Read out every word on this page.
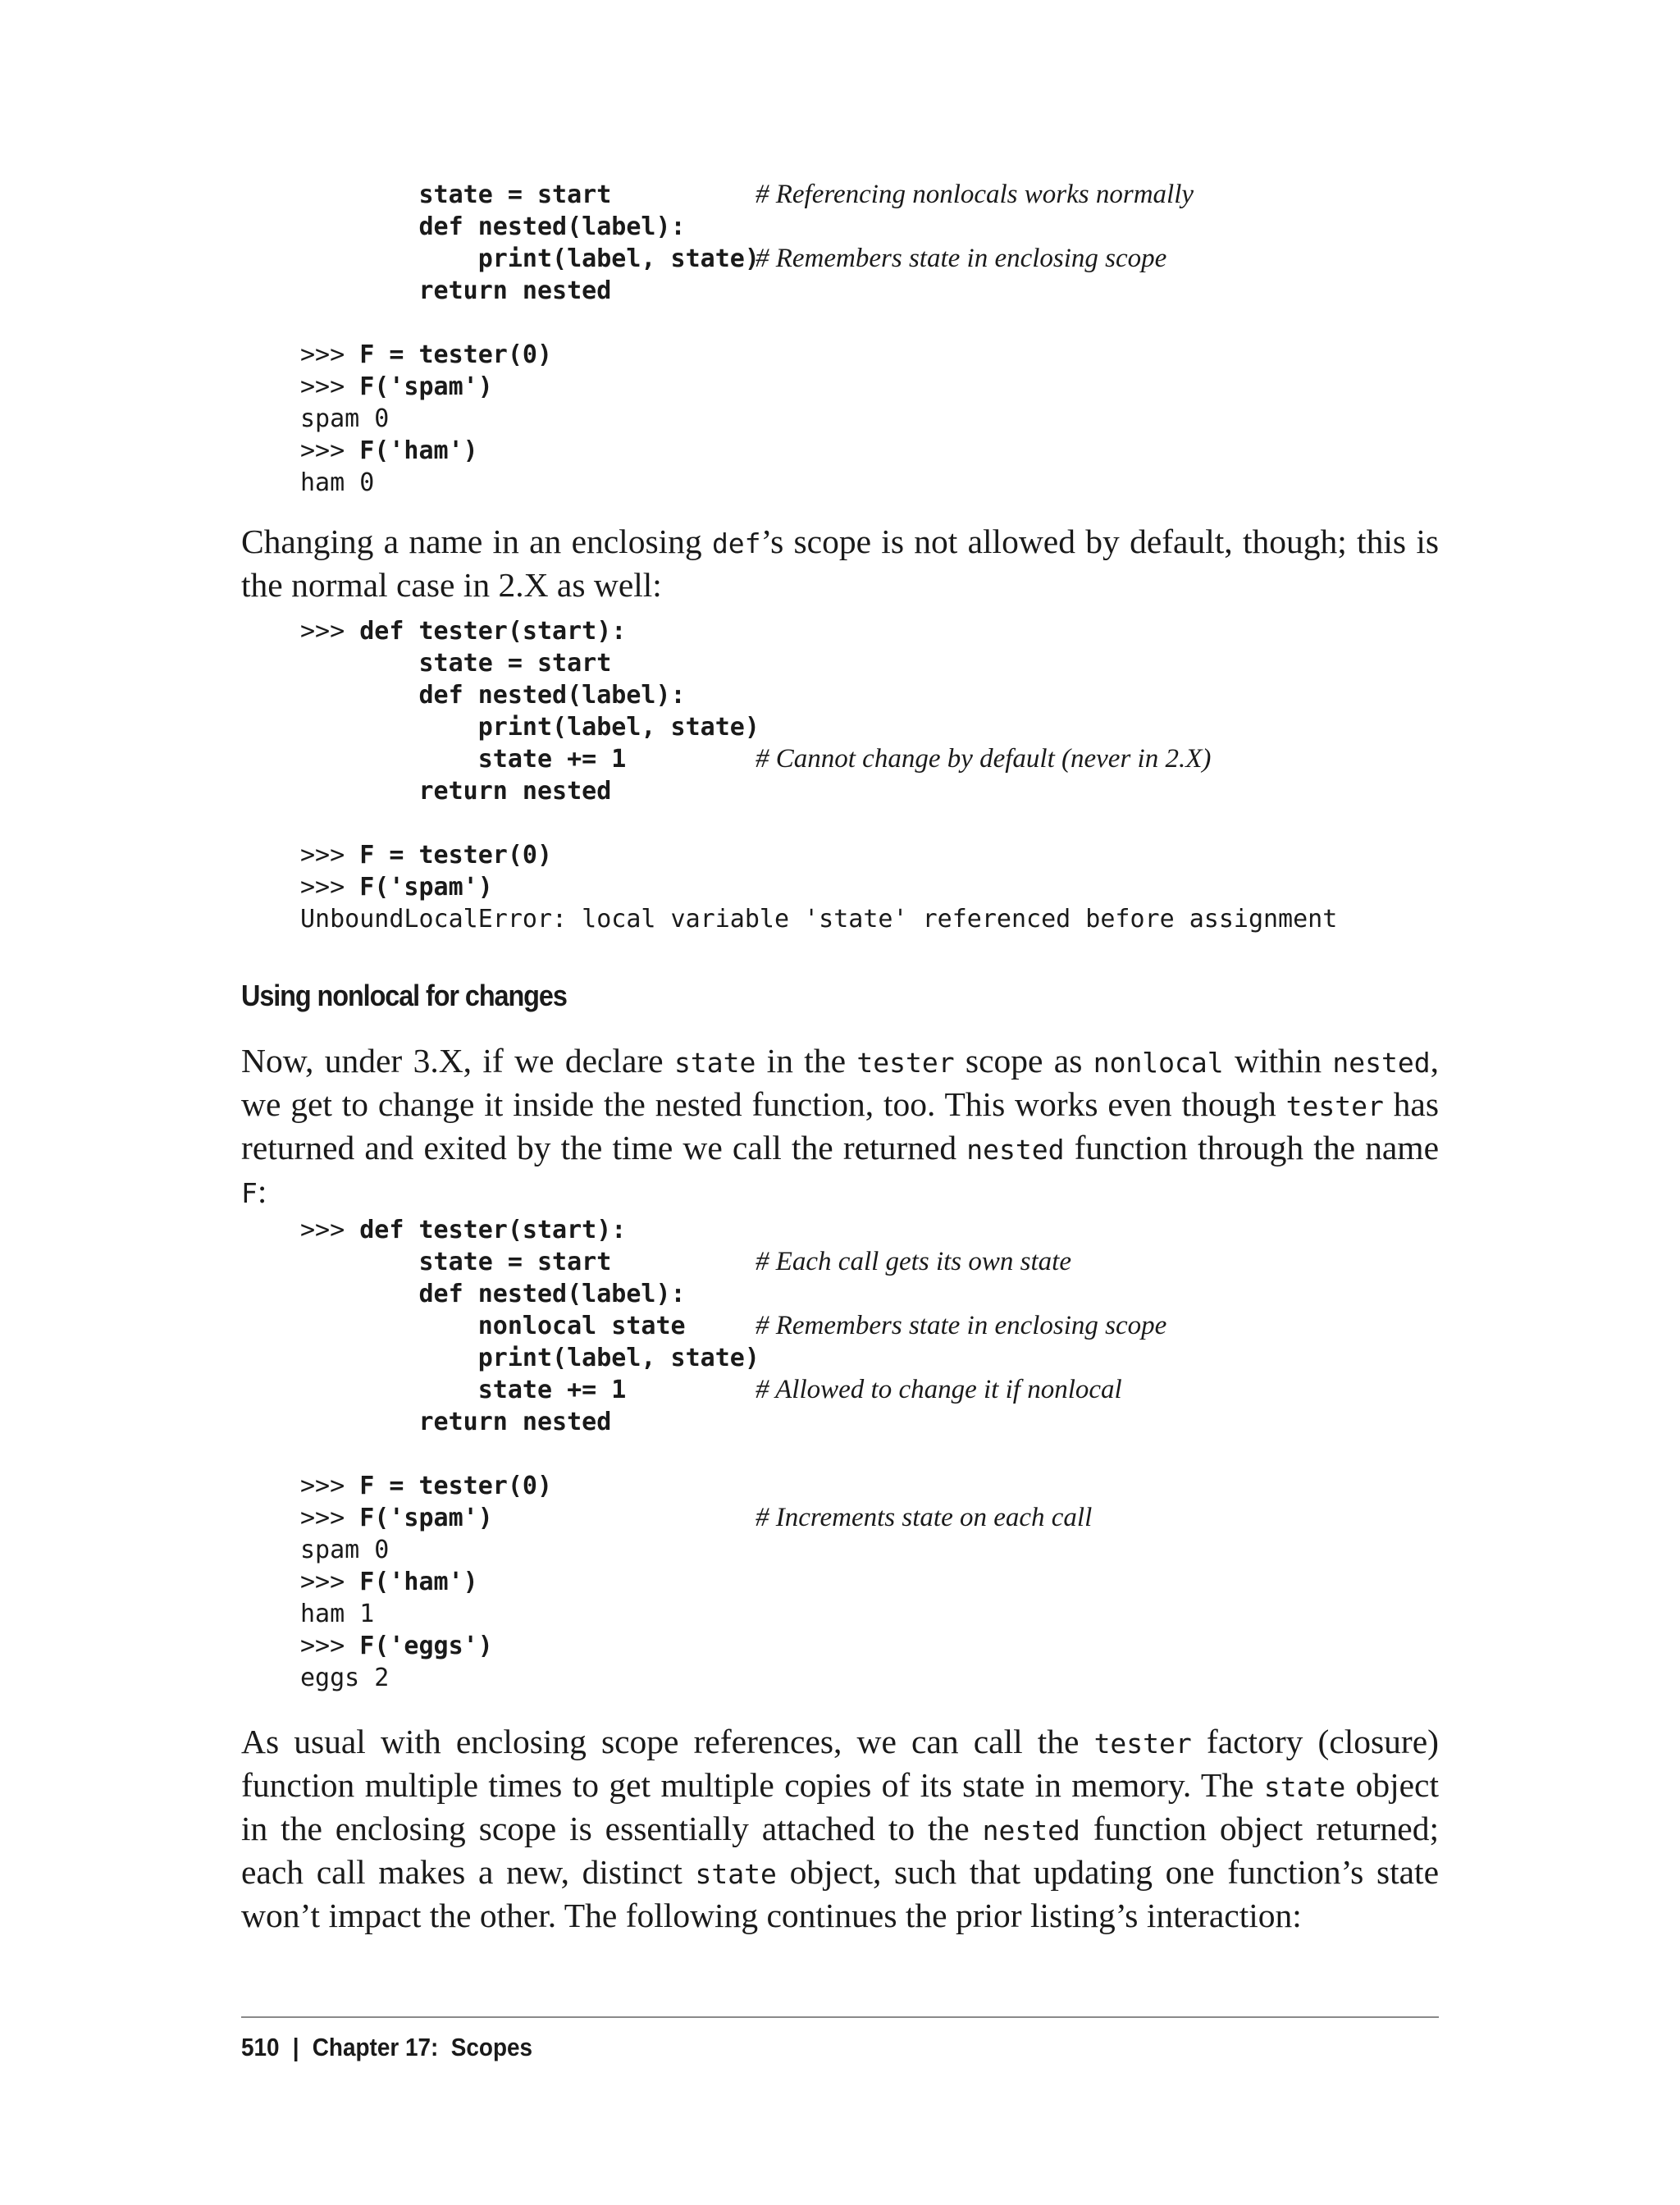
state = start	# Referencing nonlocals works normally
def nested(label):
print(label, state)
# Remembers state in enclosing scope
return nested
>>> F = tester(0)
>>> F('spam')
spam 0
>>> F('ham')
ham 0

Changing a name in an enclosing def’s scope is not allowed by default, though; this is the normal case in 2.X as well:

>>> def tester(start):
state = start
def nested(label):
print(label, state)
state += 1	# Cannot change by default (never in 2.X)
return nested
>>> F = tester(0)
>>> F('spam')
UnboundLocalError: local variable 'state' referenced before assignment
Using nonlocal for changes

Now, under 3.X, if we declare state in the tester scope as nonlocal within nested, we get to change it inside the nested function, too. This works even though tester has returned and exited by the time we call the returned nested function through the name F:

>>> def tester(start):
state = start	# Each call gets its own state
def nested(label):
nonlocal state	# Remembers state in enclosing scope
print(label, state)
state += 1	# Allowed to change it if nonlocal
return nested
>>> F = tester(0)
>>> F('spam')	# Increments state on each call
spam 0
>>> F('ham')
ham 1
>>> F('eggs')
eggs 2

As usual with enclosing scope references, we can call the tester factory (closure) function multiple times to get multiple copies of its state in memory. The state object in the enclosing scope is essentially attached to the nested function object returned; each call makes a new, distinct state object, such that updating one function’s state won’t impact the other. The following continues the prior listing’s interaction:

510 | Chapter 17:  Scopes
